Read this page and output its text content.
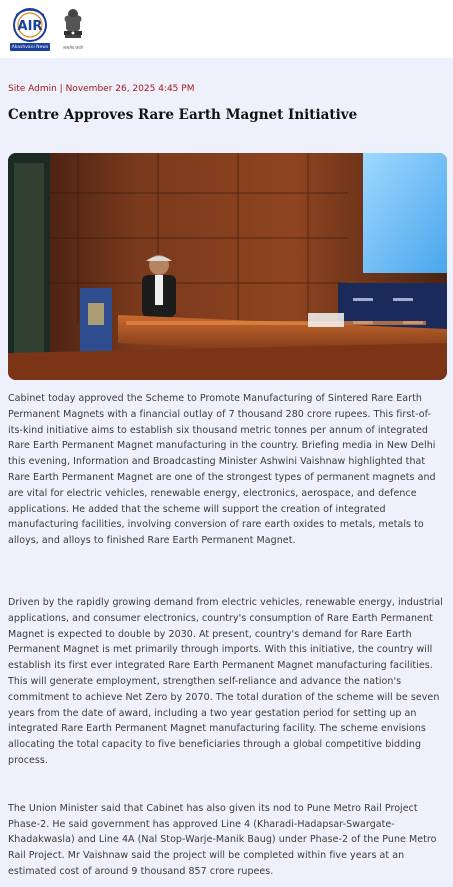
AIR
Akashvani News	सत्यमेव जयते
Site Admin | November 26, 2025 4:45 PM
Centre Approves Rare Earth Magnet Initiative

Cabinet today approved the Scheme to Promote Manufacturing of Sintered Rare Earth Permanent Magnets with a financial outlay of 7 thousand 280 crore rupees. This first-of-its-kind initiative aims to establish six thousand metric tonnes per annum of integrated Rare Earth Permanent Magnet manufacturing in the country. Briefing media in New Delhi this evening, Information and Broadcasting Minister Ashwini Vaishnaw highlighted that Rare Earth Permanent Magnet are one of the strongest types of permanent magnets and are vital for electric vehicles, renewable energy, electronics, aerospace, and defence applications. He added that the scheme will support the creation of integrated manufacturing facilities, involving conversion of rare earth oxides to metals, metals to alloys, and alloys to finished Rare Earth Permanent Magnet.

Driven by the rapidly growing demand from electric vehicles, renewable energy, industrial applications, and consumer electronics, country's consumption of Rare Earth Permanent Magnet is expected to double by 2030. At present, country's demand for Rare Earth Permanent Magnet is met primarily through imports. With this initiative, the country will establish its first ever integrated Rare Earth Permanent Magnet manufacturing facilities. This will generate employment, strengthen self-reliance and advance the nation's commitment to achieve Net Zero by 2070. The total duration of the scheme will be seven years from the date of award, including a two year gestation period for setting up an integrated Rare Earth Permanent Magnet manufacturing facility. The scheme envisions allocating the total capacity to five beneficiaries through a global competitive bidding process.

The Union Minister said that Cabinet has also given its nod to Pune Metro Rail Project Phase-2. He said government has approved Line 4 (Kharadi-Hadapsar-Swargate-Khadakwasla) and Line 4A (Nal Stop-Warje-Manik Baug) under Phase-2 of the Pune Metro Rail Project. Mr Vaishnaw said the project will be completed within five years at an estimated cost of around 9 thousand 857 crore rupees.
